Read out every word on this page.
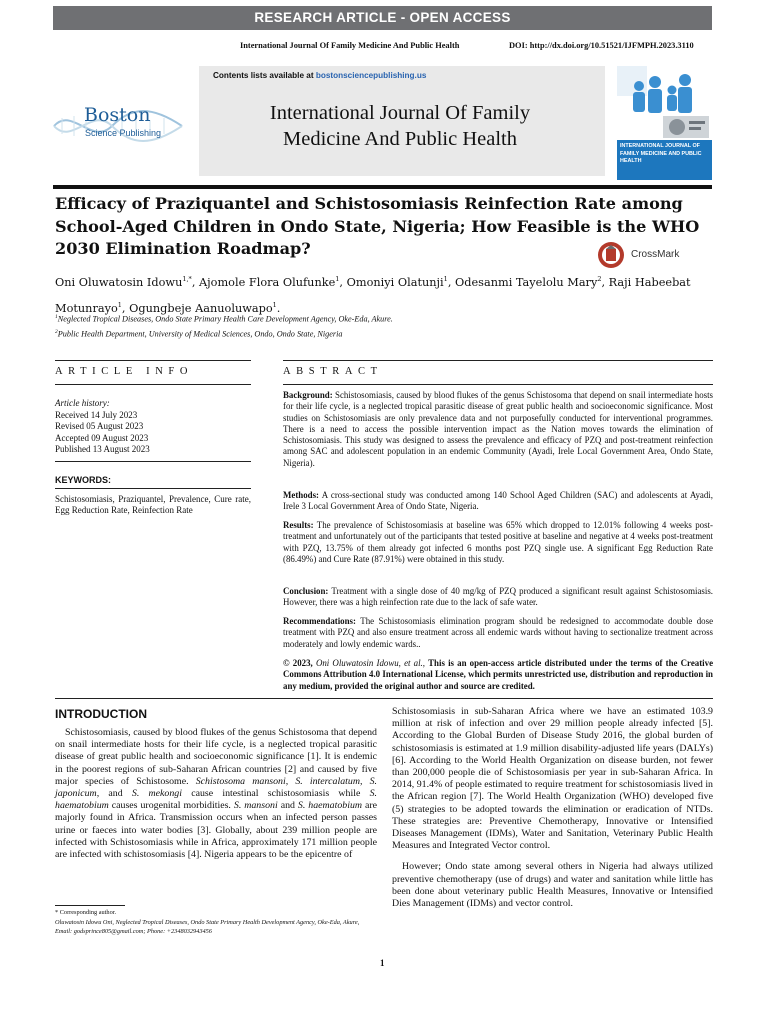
RESEARCH ARTICLE - OPEN ACCESS
International Journal Of Family Medicine And Public Health	DOI: http://dx.doi.org/10.51521/IJFMPH.2023.3110
Boston
Science Publishing
Contents lists available at bostonsciencepublishing.us
International Journal Of Family
Medicine And Public Health	INTERNATIONAL JOURNAL OF FAMILY MEDICINE AND PUBLIC HEALTH
Efficacy of Praziquantel and Schistosomiasis Reinfection Rate among School-Aged Children in Ondo State, Nigeria; How Feasible is the WHO 2030 Elimination Roadmap?	CrossMark
Oni Oluwatosin Idowu$^{1,*}$, Ajomole Flora Olufunke$^1$, Omoniyi Olatunji$^1$, Odesanmi Tayelolu Mary$^2$, Raji Habeebat Motunrayo$^1$, Ogungbeje Aanuoluwapo$^1$.
$^1$Neglected Tropical Diseases, Ondo State Primary Health Care Development Agency, Oke-Eda, Akure.
$^2$Public Health Department, University of Medical Sciences, Ondo, Ondo State, Nigeria
ARTICLE INFO	ABSTRACT
Article history:
Received 14 July 2023
Revised 05 August 2023
Accepted 09 August 2023
Published 13 August 2023
KEYWORDS:
Schistosomiasis, Praziquantel, Prevalence, Cure rate, Egg Reduction Rate, Reinfection Rate
Background: Schistosomiasis, caused by blood flukes of the genus Schistosoma that depend on snail intermediate hosts for their life cycle, is a neglected tropical parasitic disease of great public health and socioeconomic significance. Most studies on Schistosomiasis are only prevalence data and not purposefully conducted for interventional programmes. There is a need to access the possible intervention impact as the Nation moves towards the elimination of Schistosomiasis. This study was designed to assess the prevalence and efficacy of PZQ and post-treatment reinfection among SAC and adolescent population in an endemic Community (Ayadi, Irele Local Government Area, Ondo State, Nigeria).
Methods: A cross-sectional study was conducted among 140 School Aged Children (SAC) and adolescents at Ayadi, Irele 3 Local Government Area of Ondo State, Nigeria.
Results: The prevalence of Schistosomiasis at baseline was 65% which dropped to 12.01% following 4 weeks post-treatment and unfortunately out of the participants that tested positive at baseline and negative at 4 weeks post-treatment with PZQ, 13.75% of them already got infected 6 months post PZQ single use. A significant Egg Reduction Rate (86.49%) and Cure Rate (87.91%) were obtained in this study.
Conclusion: Treatment with a single dose of 40 mg/kg of PZQ produced a significant result against Schistosomiasis. However, there was a high reinfection rate due to the lack of safe water.
Recommendations: The Schistosomiasis elimination program should be redesigned to accommodate double dose treatment with PZQ and also ensure treatment across all endemic wards without having to sectionalize treatment across moderately and lowly endemic wards..
© 2023, Oni Oluwatosin Idowu, et al., This is an open-access article distributed under the terms of the Creative Commons Attribution 4.0 International License, which permits unrestricted use, distribution and reproduction in any medium, provided the original author and source are credited.
INTRODUCTION

Schistosomiasis, caused by blood flukes of the genus Schistosoma that depend on snail intermediate hosts for their life cycle, is a neglected tropical parasitic disease of great public health and socioeconomic significance [1]. It is endemic in the poorest regions of sub-Saharan African countries [2] and caused by five major species of Schistosome. Schistosoma mansoni, S. intercalatum, S. japonicum, and S. mekongi cause intestinal schistosomiasis while S. haematobium causes urogenital morbidities. S. mansoni and S. haematobium are majorly found in Africa. Transmission occurs when an infected person passes urine or faeces into water bodies [3]. Globally, about 239 million people are infected with Schistosomiasis while in Africa, approximately 171 million people are infected with schistosomiasis [4]. Nigeria appears to be the epicentre of

Schistosomiasis in sub-Saharan Africa where we have an estimated 103.9 million at risk of infection and over 29 million people already infected [5]. According to the Global Burden of Disease Study 2016, the global burden of schistosomiasis is estimated at 1.9 million disability-adjusted life years (DALYs) [6]. According to the World Health Organization on disease burden, not fewer than 200,000 people die of Schistosomiasis per year in sub-Saharan Africa. In 2014, 91.4% of people estimated to require treatment for schistosomiasis lived in the African region [7]. The World Health Organization (WHO) developed five (5) strategies to be adopted towards the elimination or eradication of NTDs. These strategies are: Preventive Chemotherapy, Innovative or Intensified Diseases Management (IDMs), Water and Sanitation, Veterinary Public Health Measures and Integrated Vector control.

However; Ondo state among several others in Nigeria had always utilized preventive chemotherapy (use of drugs) and water and sanitation while little has been done about veterinary public Health Measures, Innovative or Intensified Dies Management (IDMs) and vector control.

* Corresponding author.
Oluwatosin Idowu Oni, Neglected Tropical Diseases, Ondo State Primary Health Development Agency, Oke-Eda, Akure, Email: godsprince805@gmail.com; Phone: +2348032943456
1
